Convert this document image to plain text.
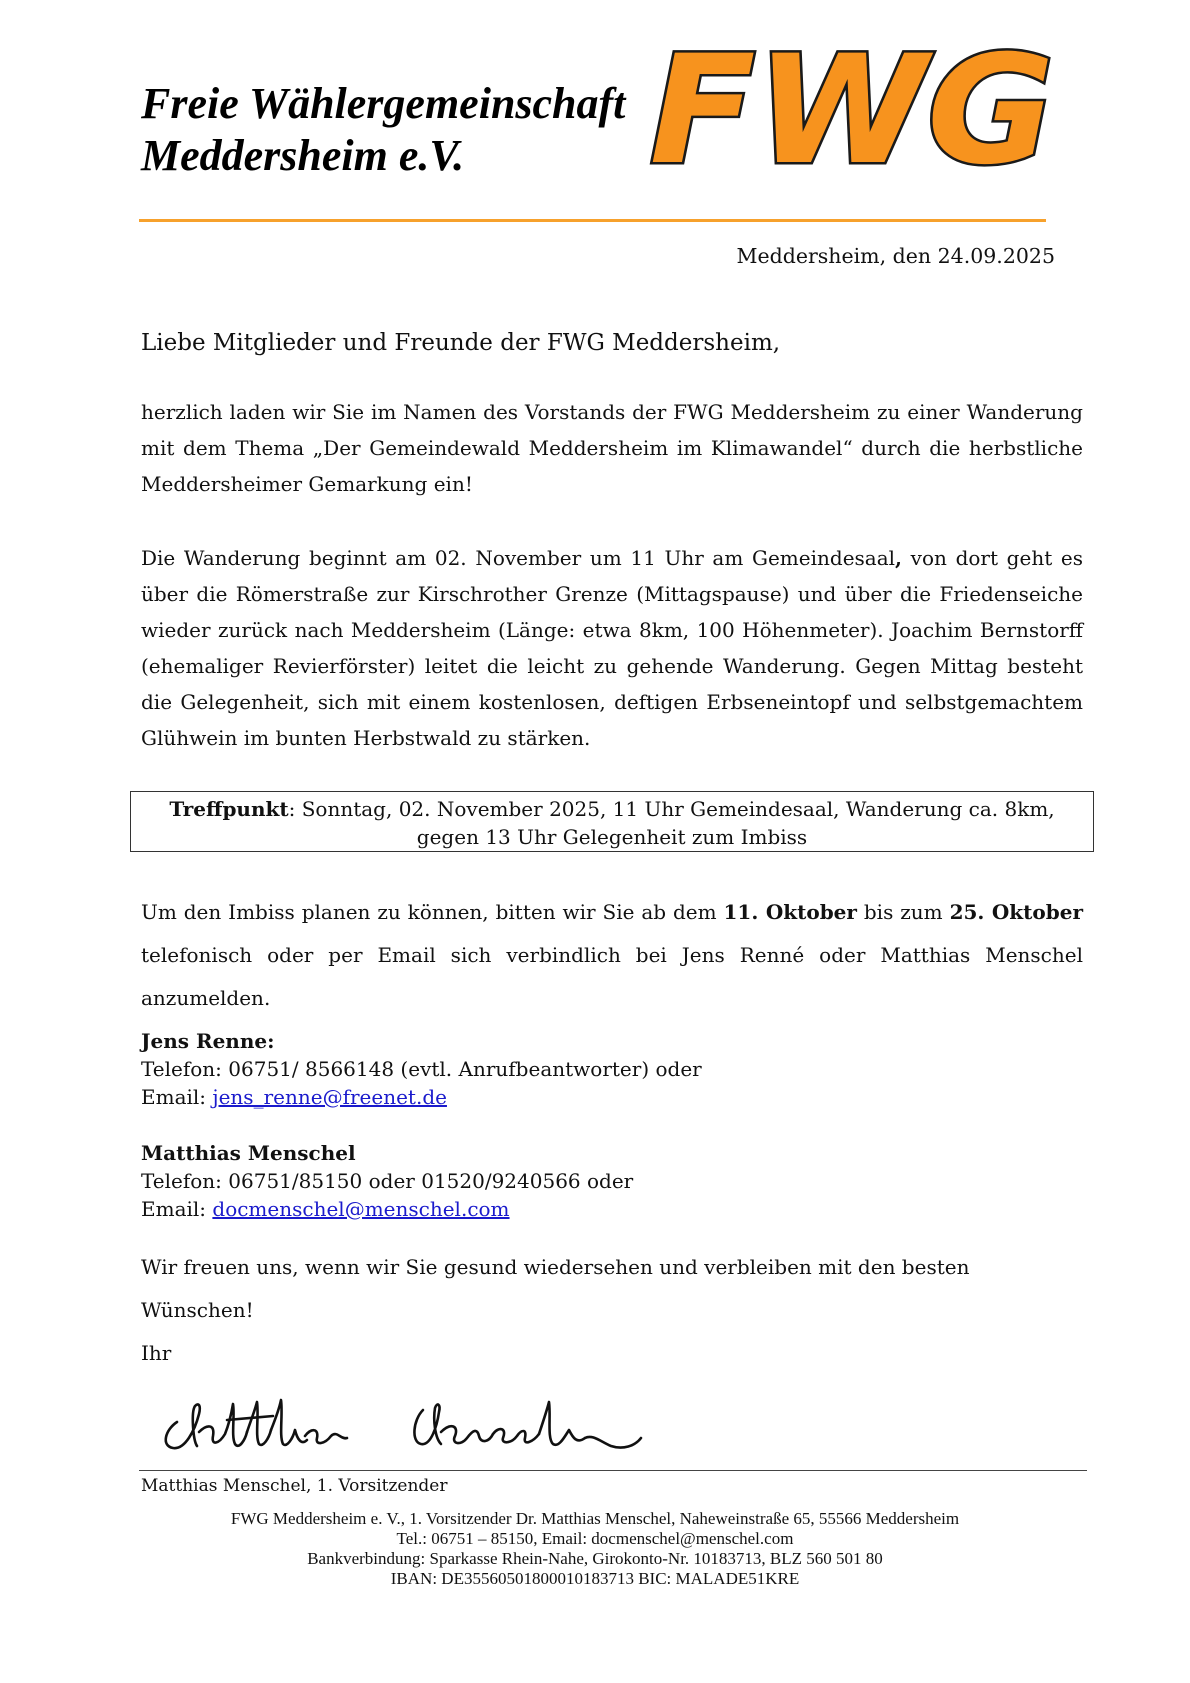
Freie Wählergemeinschaft
Meddersheim e.V.	FWG
Meddersheim, den 24.09.2025
Liebe Mitglieder und Freunde der FWG Meddersheim,
herzlich laden wir Sie im Namen des Vorstands der FWG Meddersheim zu einer Wanderung mit dem Thema „Der Gemeindewald Meddersheim im Klimawandel“ durch die herbstliche Meddersheimer Gemarkung ein!
Die Wanderung beginnt am 02. November um 11 Uhr am Gemeindesaal, von dort geht es über die Römerstraße zur Kirschrother Grenze (Mittagspause) und über die Friedenseiche wieder zurück nach Meddersheim (Länge: etwa 8km, 100 Höhenmeter). Joachim Bernstorff (ehemaliger Revierförster) leitet die leicht zu gehende Wanderung. Gegen Mittag besteht die Gelegenheit, sich mit einem kostenlosen, deftigen Erbseneintopf und selbstgemachtem Glühwein im bunten Herbstwald zu stärken.
Treffpunkt: Sonntag, 02. November 2025, 11 Uhr Gemeindesaal, Wanderung ca. 8km,
gegen 13 Uhr Gelegenheit zum Imbiss
Um den Imbiss planen zu können, bitten wir Sie ab dem 11. Oktober bis zum 25. Oktober telefonisch oder per Email sich verbindlich bei Jens Renné oder Matthias Menschel anzumelden.
Jens Renne:
Telefon: 06751/ 8566148 (evtl. Anrufbeantworter) oder
Email: jens_renne@freenet.de
Matthias Menschel
Telefon: 06751/85150 oder 01520/9240566 oder
Email: docmenschel@menschel.com
Wir freuen uns, wenn wir Sie gesund wiedersehen und verbleiben mit den besten
Wünschen!
Ihr
Matthias Menschel
Matthias Menschel, 1. Vorsitzender
FWG Meddersheim e. V., 1. Vorsitzender Dr. Matthias Menschel, Naheweinstraße 65, 55566 Meddersheim
Tel.: 06751 – 85150, Email: docmenschel@menschel.com
Bankverbindung: Sparkasse Rhein-Nahe, Girokonto-Nr. 10183713, BLZ 560 501 80
IBAN: DE3556050180001018371​3 BIC: MALADE51KRE
